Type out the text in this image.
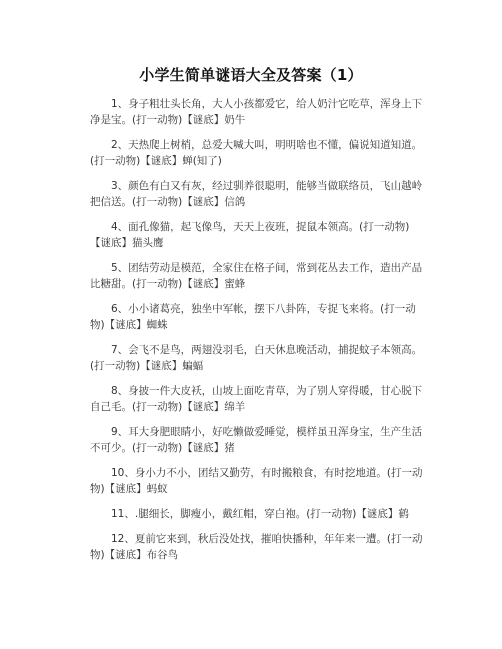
小学生简单谜语大全及答案（1）

1、身子粗壮头长角，大人小孩都爱它，给人奶汁它吃草，浑身上下净是宝。(打一动物)【谜底】奶牛

2、天热爬上树梢，总爱大喊大叫，明明啥也不懂，偏说知道知道。(打一动物)【谜底】蝉(知了)

3、颜色有白又有灰，经过驯养很聪明，能够当做联络员，飞山越岭把信送。(打一动物)【谜底】信鸽

4、面孔像猫，起飞像鸟，天天上夜班，捉鼠本领高。(打一动物)【谜底】猫头鹰

5、团结劳动是模范，全家住在格子间，常到花丛去工作，造出产品比糖甜。(打一动物)【谜底】蜜蜂

6、小小诸葛亮，独坐中军帐，摆下八卦阵，专捉飞来将。(打一动物)【谜底】蜘蛛

7、会飞不是鸟，两翅没羽毛，白天休息晚活动，捕捉蚊子本领高。(打一动物)【谜底】蝙蝠

8、身披一件大皮袄，山坡上面吃青草，为了别人穿得暖，甘心脱下自己毛。(打一动物)【谜底】绵羊

9、耳大身肥眼睛小，好吃懒做爱睡觉，模样虽丑浑身宝，生产生活不可少。(打一动物)【谜底】猪

10、身小力不小，团结又勤劳，有时搬粮食，有时挖地道。(打一动物)【谜底】蚂蚁

11、.腿细长，脚瘦小，戴红帽，穿白袍。(打一动物)【谜底】鹤

12、夏前它来到，秋后没处找，摧咱快播种，年年来一遭。(打一动物)【谜底】布谷鸟
